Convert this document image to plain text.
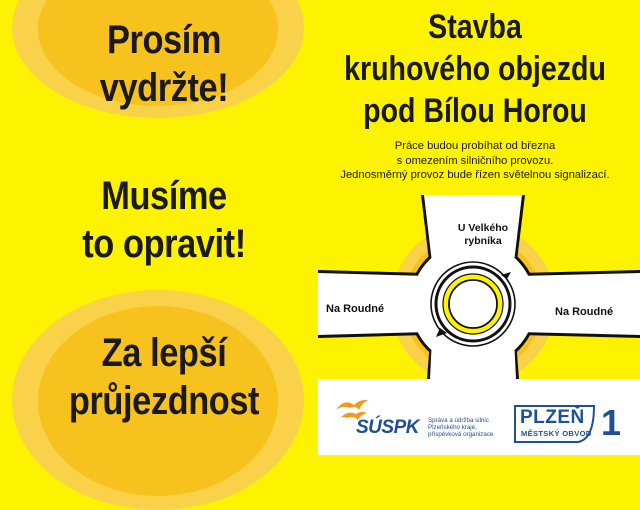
Prosím
vydržte!
Musíme
to opravit!
Za lepší
průjezdnost
Stavba
kruhového objezdu
pod Bílou Horou
Práce budou probíhat od března
s omezením silničního provozu.
Jednosměrný provoz bude řízen světelnou signalizací.
U Velkého
rybníka
Na Roudné	Na Roudné
SÚSPK Správa a údržba silnic
Plzeňského kraje,
příspěvková organizace
PLZEŇ
MĚSTSKÝ OBVOD 1
